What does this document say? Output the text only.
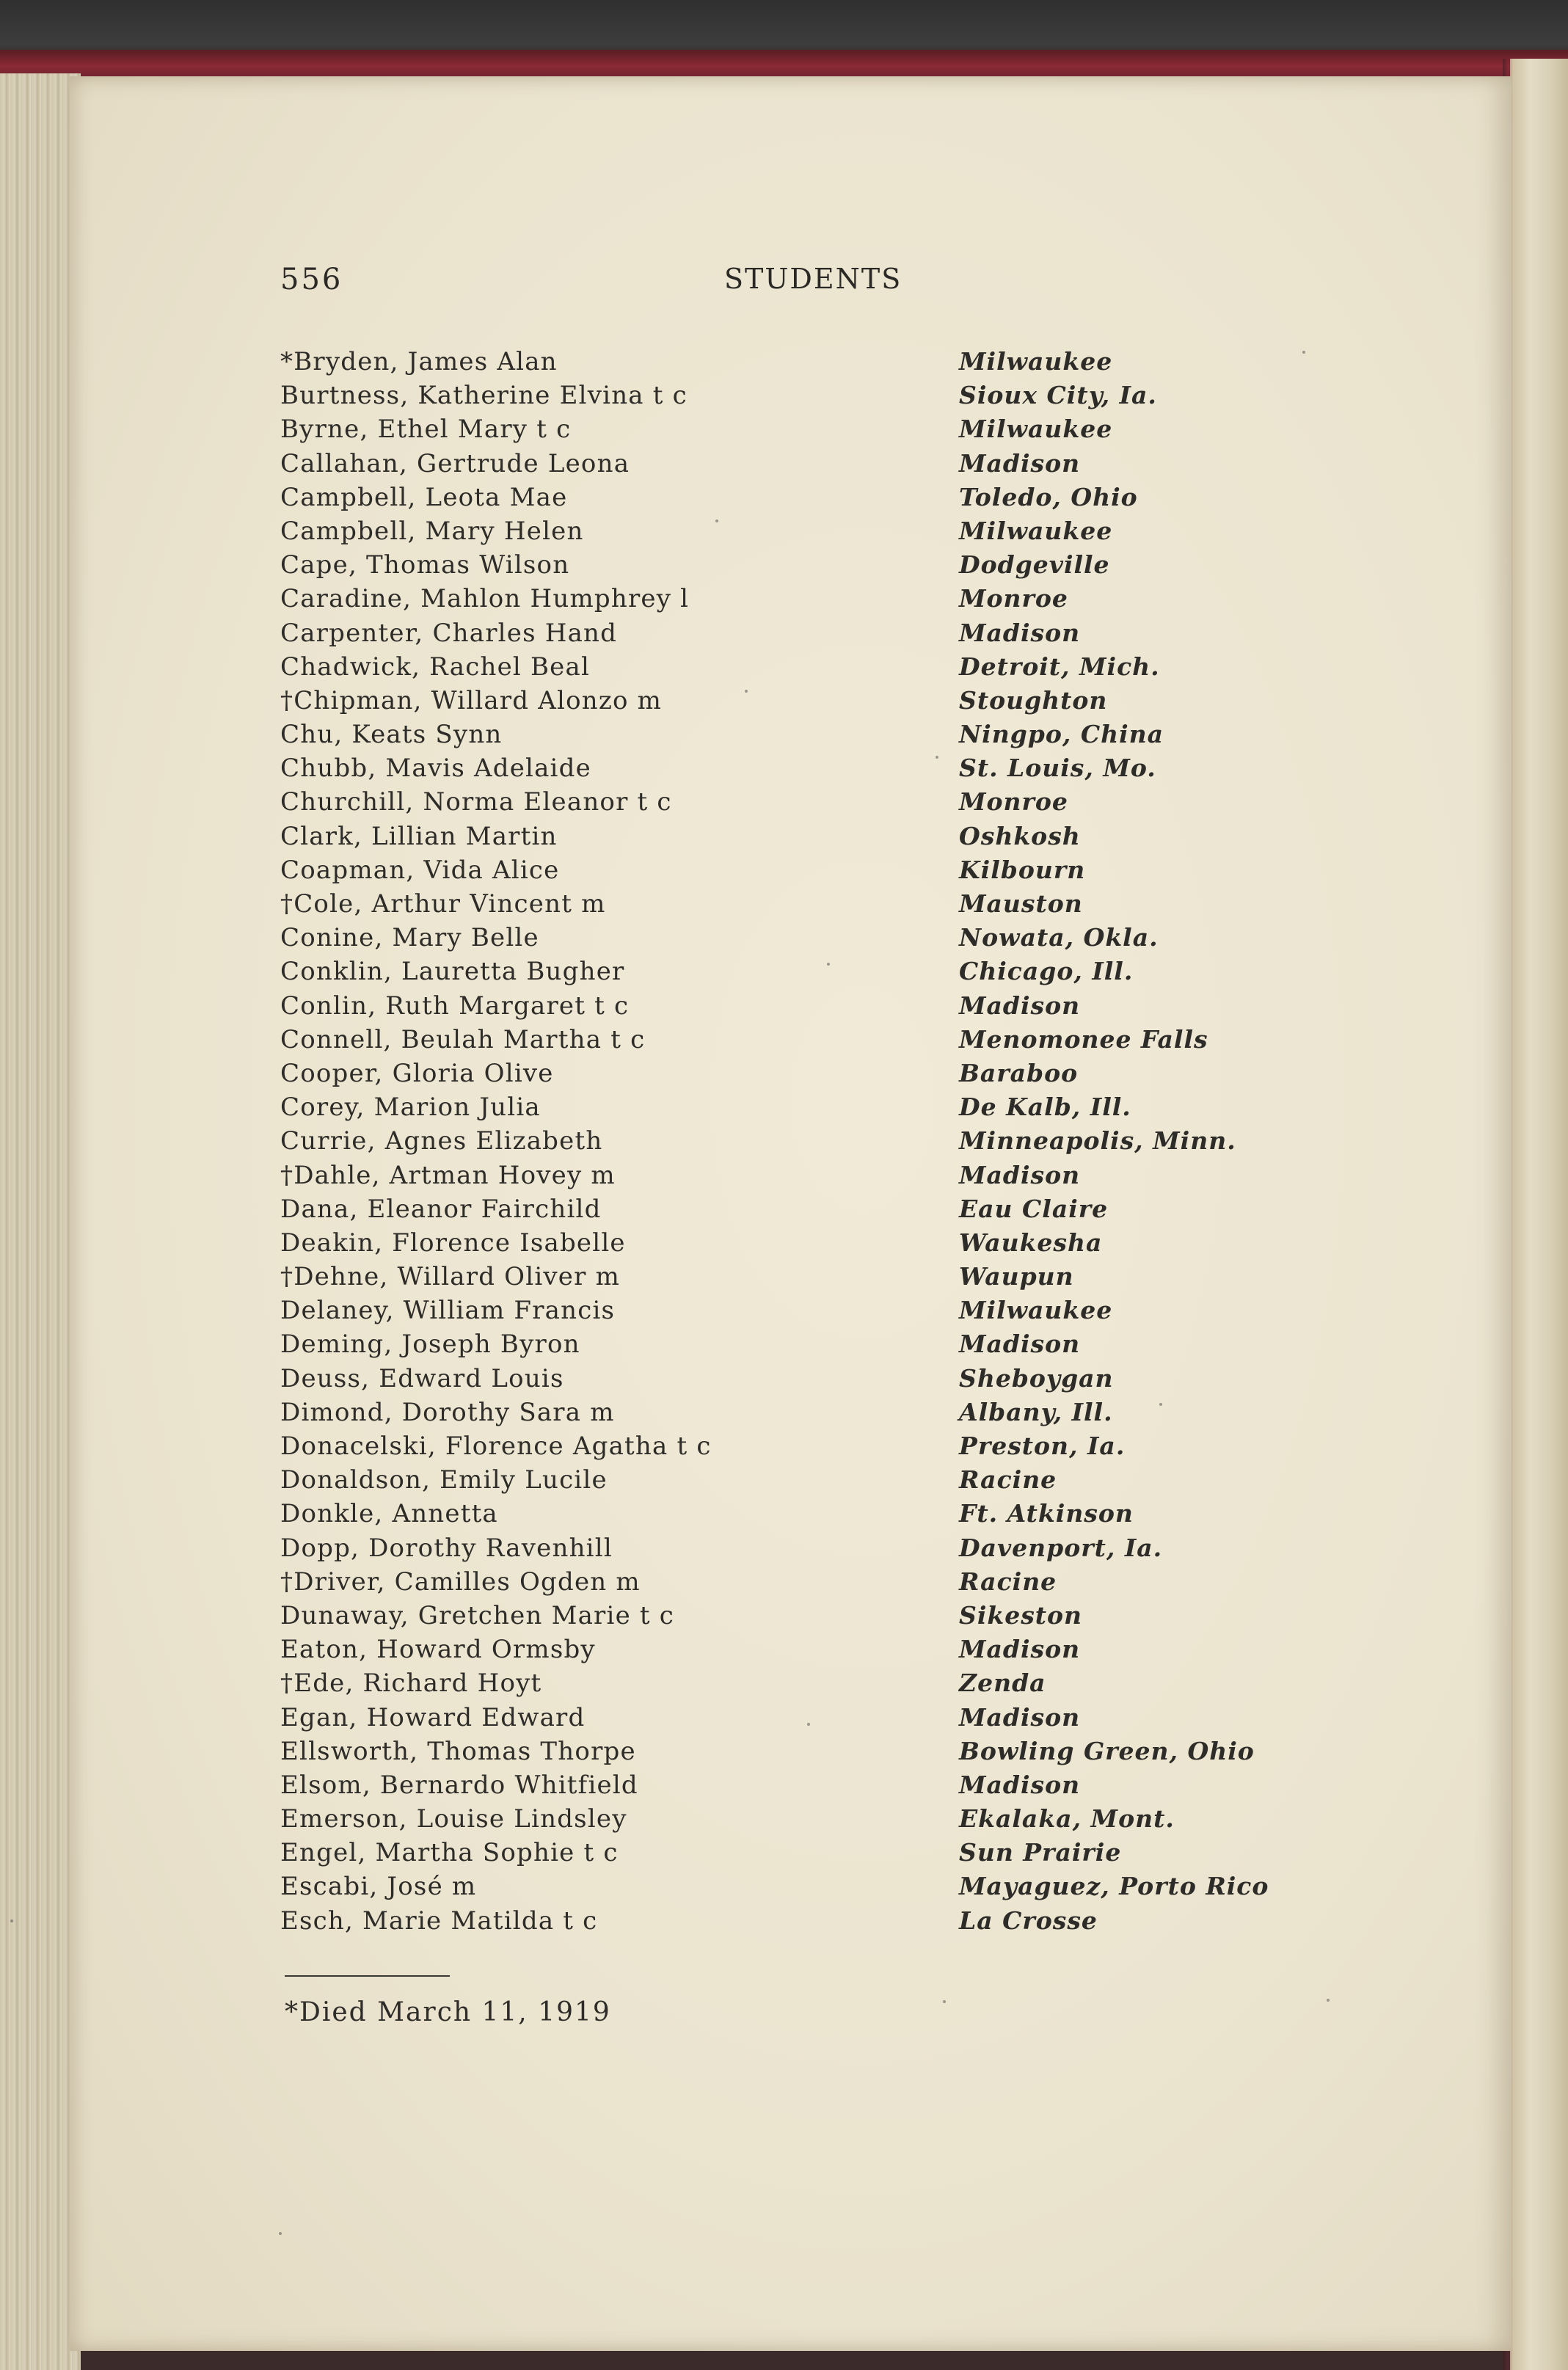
556	STUDENTS
*Bryden, James Alan	Milwaukee
Burtness, Katherine Elvina t c	Sioux City, Ia.
Byrne, Ethel Mary t c	Milwaukee
Callahan, Gertrude Leona	Madison
Campbell, Leota Mae	Toledo, Ohio
Campbell, Mary Helen	Milwaukee
Cape, Thomas Wilson	Dodgeville
Caradine, Mahlon Humphrey l	Monroe
Carpenter, Charles Hand	Madison
Chadwick, Rachel Beal	Detroit, Mich.
†Chipman, Willard Alonzo m	Stoughton
Chu, Keats Synn	Ningpo, China
Chubb, Mavis Adelaide	St. Louis, Mo.
Churchill, Norma Eleanor t c	Monroe
Clark, Lillian Martin	Oshkosh
Coapman, Vida Alice	Kilbourn
†Cole, Arthur Vincent m	Mauston
Conine, Mary Belle	Nowata, Okla.
Conklin, Lauretta Bugher	Chicago, Ill.
Conlin, Ruth Margaret t c	Madison
Connell, Beulah Martha t c	Menomonee Falls
Cooper, Gloria Olive	Baraboo
Corey, Marion Julia	De Kalb, Ill.
Currie, Agnes Elizabeth	Minneapolis, Minn.
†Dahle, Artman Hovey m	Madison
Dana, Eleanor Fairchild	Eau Claire
Deakin, Florence Isabelle	Waukesha
†Dehne, Willard Oliver m	Waupun
Delaney, William Francis	Milwaukee
Deming, Joseph Byron	Madison
Deuss, Edward Louis	Sheboygan
Dimond, Dorothy Sara m	Albany, Ill.
Donacelski, Florence Agatha t c	Preston, Ia.
Donaldson, Emily Lucile	Racine
Donkle, Annetta	Ft. Atkinson
Dopp, Dorothy Ravenhill	Davenport, Ia.
†Driver, Camilles Ogden m	Racine
Dunaway, Gretchen Marie t c	Sikeston
Eaton, Howard Ormsby	Madison
†Ede, Richard Hoyt	Zenda
Egan, Howard Edward	Madison
Ellsworth, Thomas Thorpe	Bowling Green, Ohio
Elsom, Bernardo Whitfield	Madison
Emerson, Louise Lindsley	Ekalaka, Mont.
Engel, Martha Sophie t c	Sun Prairie
Escabi, José m	Mayaguez, Porto Rico
Esch, Marie Matilda t c	La Crosse
*Died March 11, 1919
